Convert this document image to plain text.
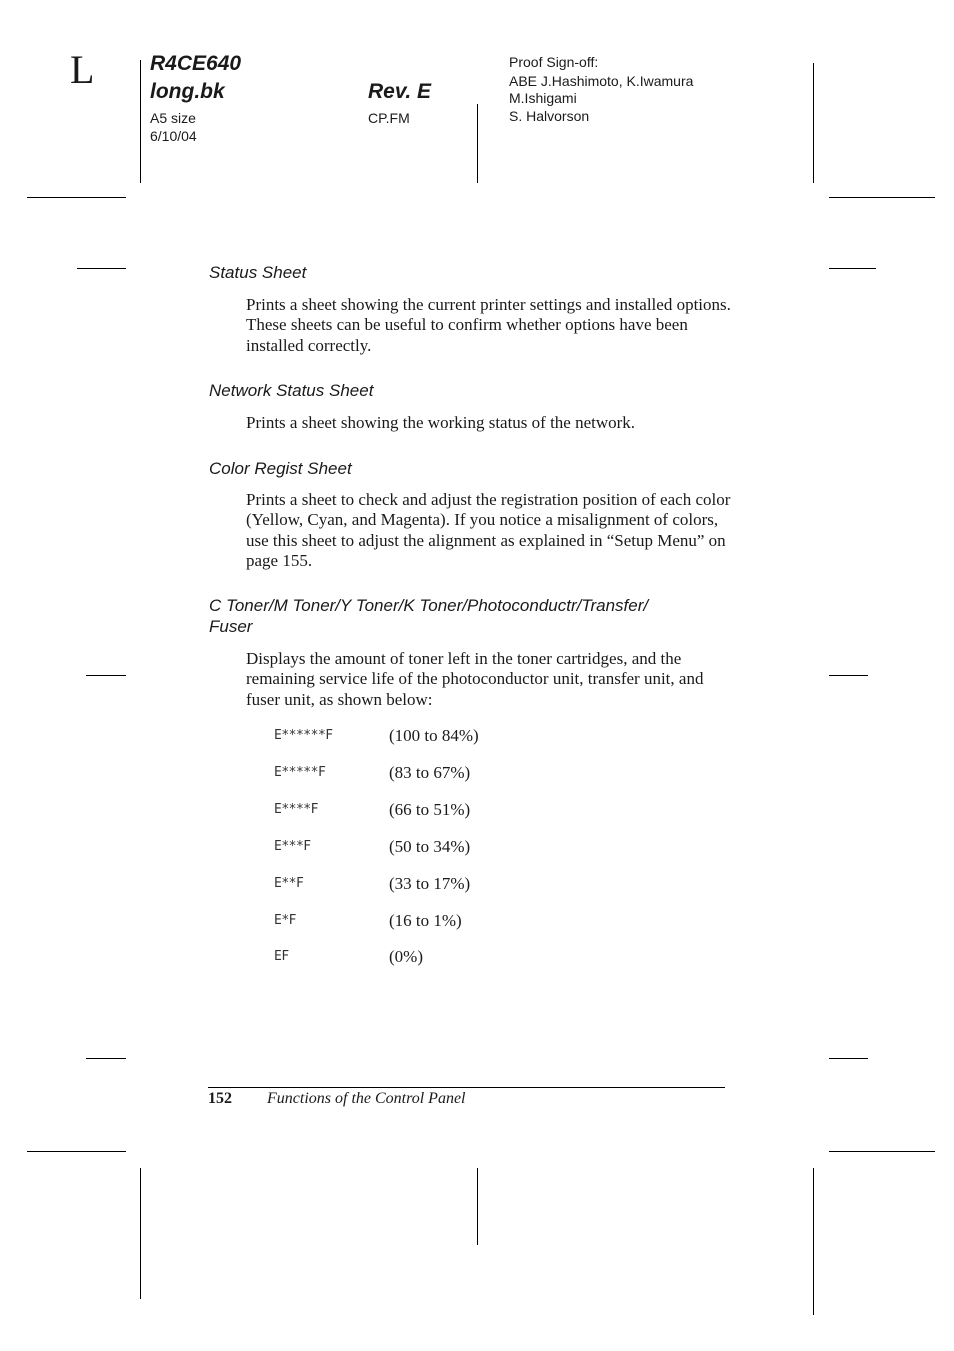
L	R4CE640
long.bk	Rev. E
A5 size
6/10/04
CP.FM
Proof Sign-off:
ABE J.Hashimoto, K.Iwamura
M.Ishigami
S. Halvorson
Status Sheet
Prints a sheet showing the current printer settings and installed options. These sheets can be useful to confirm whether options have been installed correctly.
Network Status Sheet
Prints a sheet showing the working status of the network.
Color Regist Sheet
Prints a sheet to check and adjust the registration position of each color (Yellow, Cyan, and Magenta). If you notice a misalignment of colors, use this sheet to adjust the alignment as explained in “Setup Menu” on page 155.
C Toner/M Toner/Y Toner/K Toner/Photoconductr/Transfer/
Fuser
Displays the amount of toner left in the toner cartridges, and the remaining service life of the photoconductor unit, transfer unit, and fuser unit, as shown below:
E******F	(100 to 84%)
E*****F	(83 to 67%)
E****F	(66 to 51%)
E***F	(50 to 34%)
E**F	(33 to 17%)
E*F	(16 to 1%)
EF	(0%)
152 Functions of the Control Panel
